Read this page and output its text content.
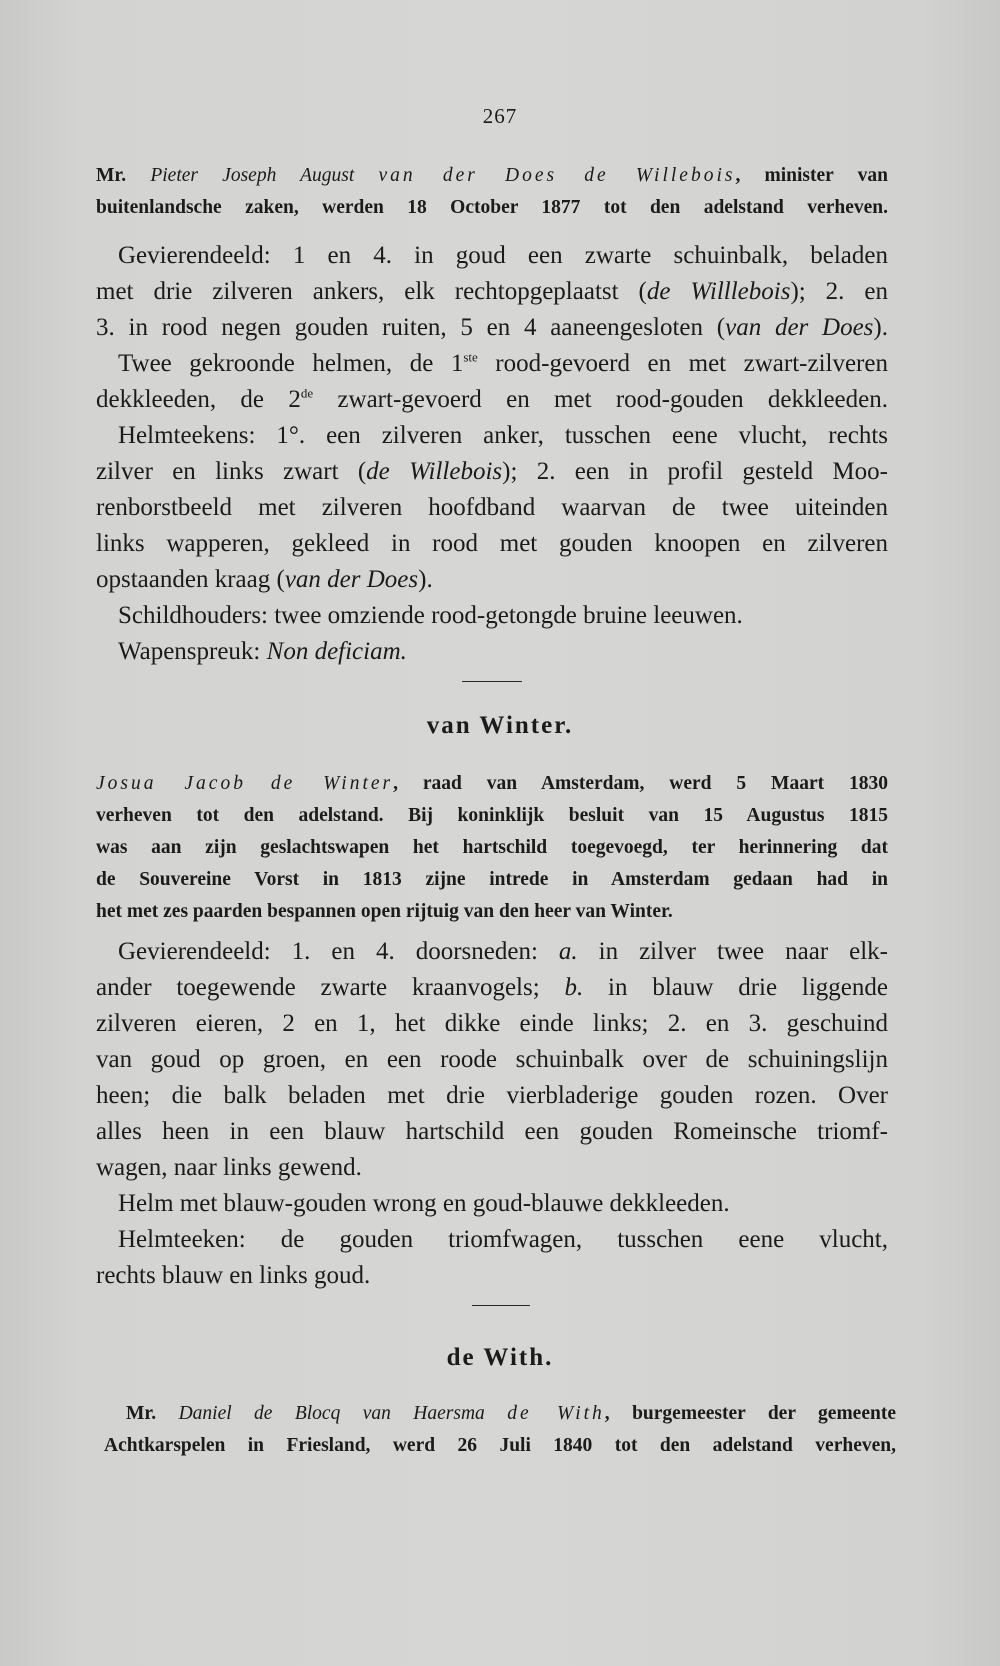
267
Mr. Pieter Joseph August van der Does de Willebois, minister van
buitenlandsche zaken, werden 18 October 1877 tot den adelstand verheven.
Gevierendeeld: 1 en 4. in goud een zwarte schuinbalk, beladen
met drie zilveren ankers, elk rechtopgeplaatst (de Willlebois); 2. en
3. in rood negen gouden ruiten, 5 en 4 aaneengesloten (van der Does).
Twee gekroonde helmen, de 1ste rood-gevoerd en met zwart-zilveren
dekkleeden, de 2de zwart-gevoerd en met rood-gouden dekkleeden.
Helmteekens: 1°. een zilveren anker, tusschen eene vlucht, rechts
zilver en links zwart (de Willebois); 2. een in profil gesteld Moo-
renborstbeeld met zilveren hoofdband waarvan de twee uiteinden
links wapperen, gekleed in rood met gouden knoopen en zilveren
opstaanden kraag (van der Does).
Schildhouders: twee omziende rood-getongde bruine leeuwen.
Wapenspreuk: Non deficiam.
van Winter.
Josua Jacob de Winter, raad van Amsterdam, werd 5 Maart 1830
verheven tot den adelstand. Bij koninklijk besluit van 15 Augustus 1815
was aan zijn geslachtswapen het hartschild toegevoegd, ter herinnering dat
de Souvereine Vorst in 1813 zijne intrede in Amsterdam gedaan had in
het met zes paarden bespannen open rijtuig van den heer van Winter.
Gevierendeeld: 1. en 4. doorsneden: a. in zilver twee naar elk-
ander toegewende zwarte kraanvogels; b. in blauw drie liggende
zilveren eieren, 2 en 1, het dikke einde links; 2. en 3. geschuind
van goud op groen, en een roode schuinbalk over de schuiningslijn
heen; die balk beladen met drie vierbladerige gouden rozen. Over
alles heen in een blauw hartschild een gouden Romeinsche triomf-
wagen, naar links gewend.
Helm met blauw-gouden wrong en goud-blauwe dekkleeden.
Helmteeken: de gouden triomfwagen, tusschen eene vlucht,
rechts blauw en links goud.
de With.
Mr. Daniel de Blocq van Haersma de With, burgemeester der gemeente
Achtkarspelen in Friesland, werd 26 Juli 1840 tot den adelstand verheven,
